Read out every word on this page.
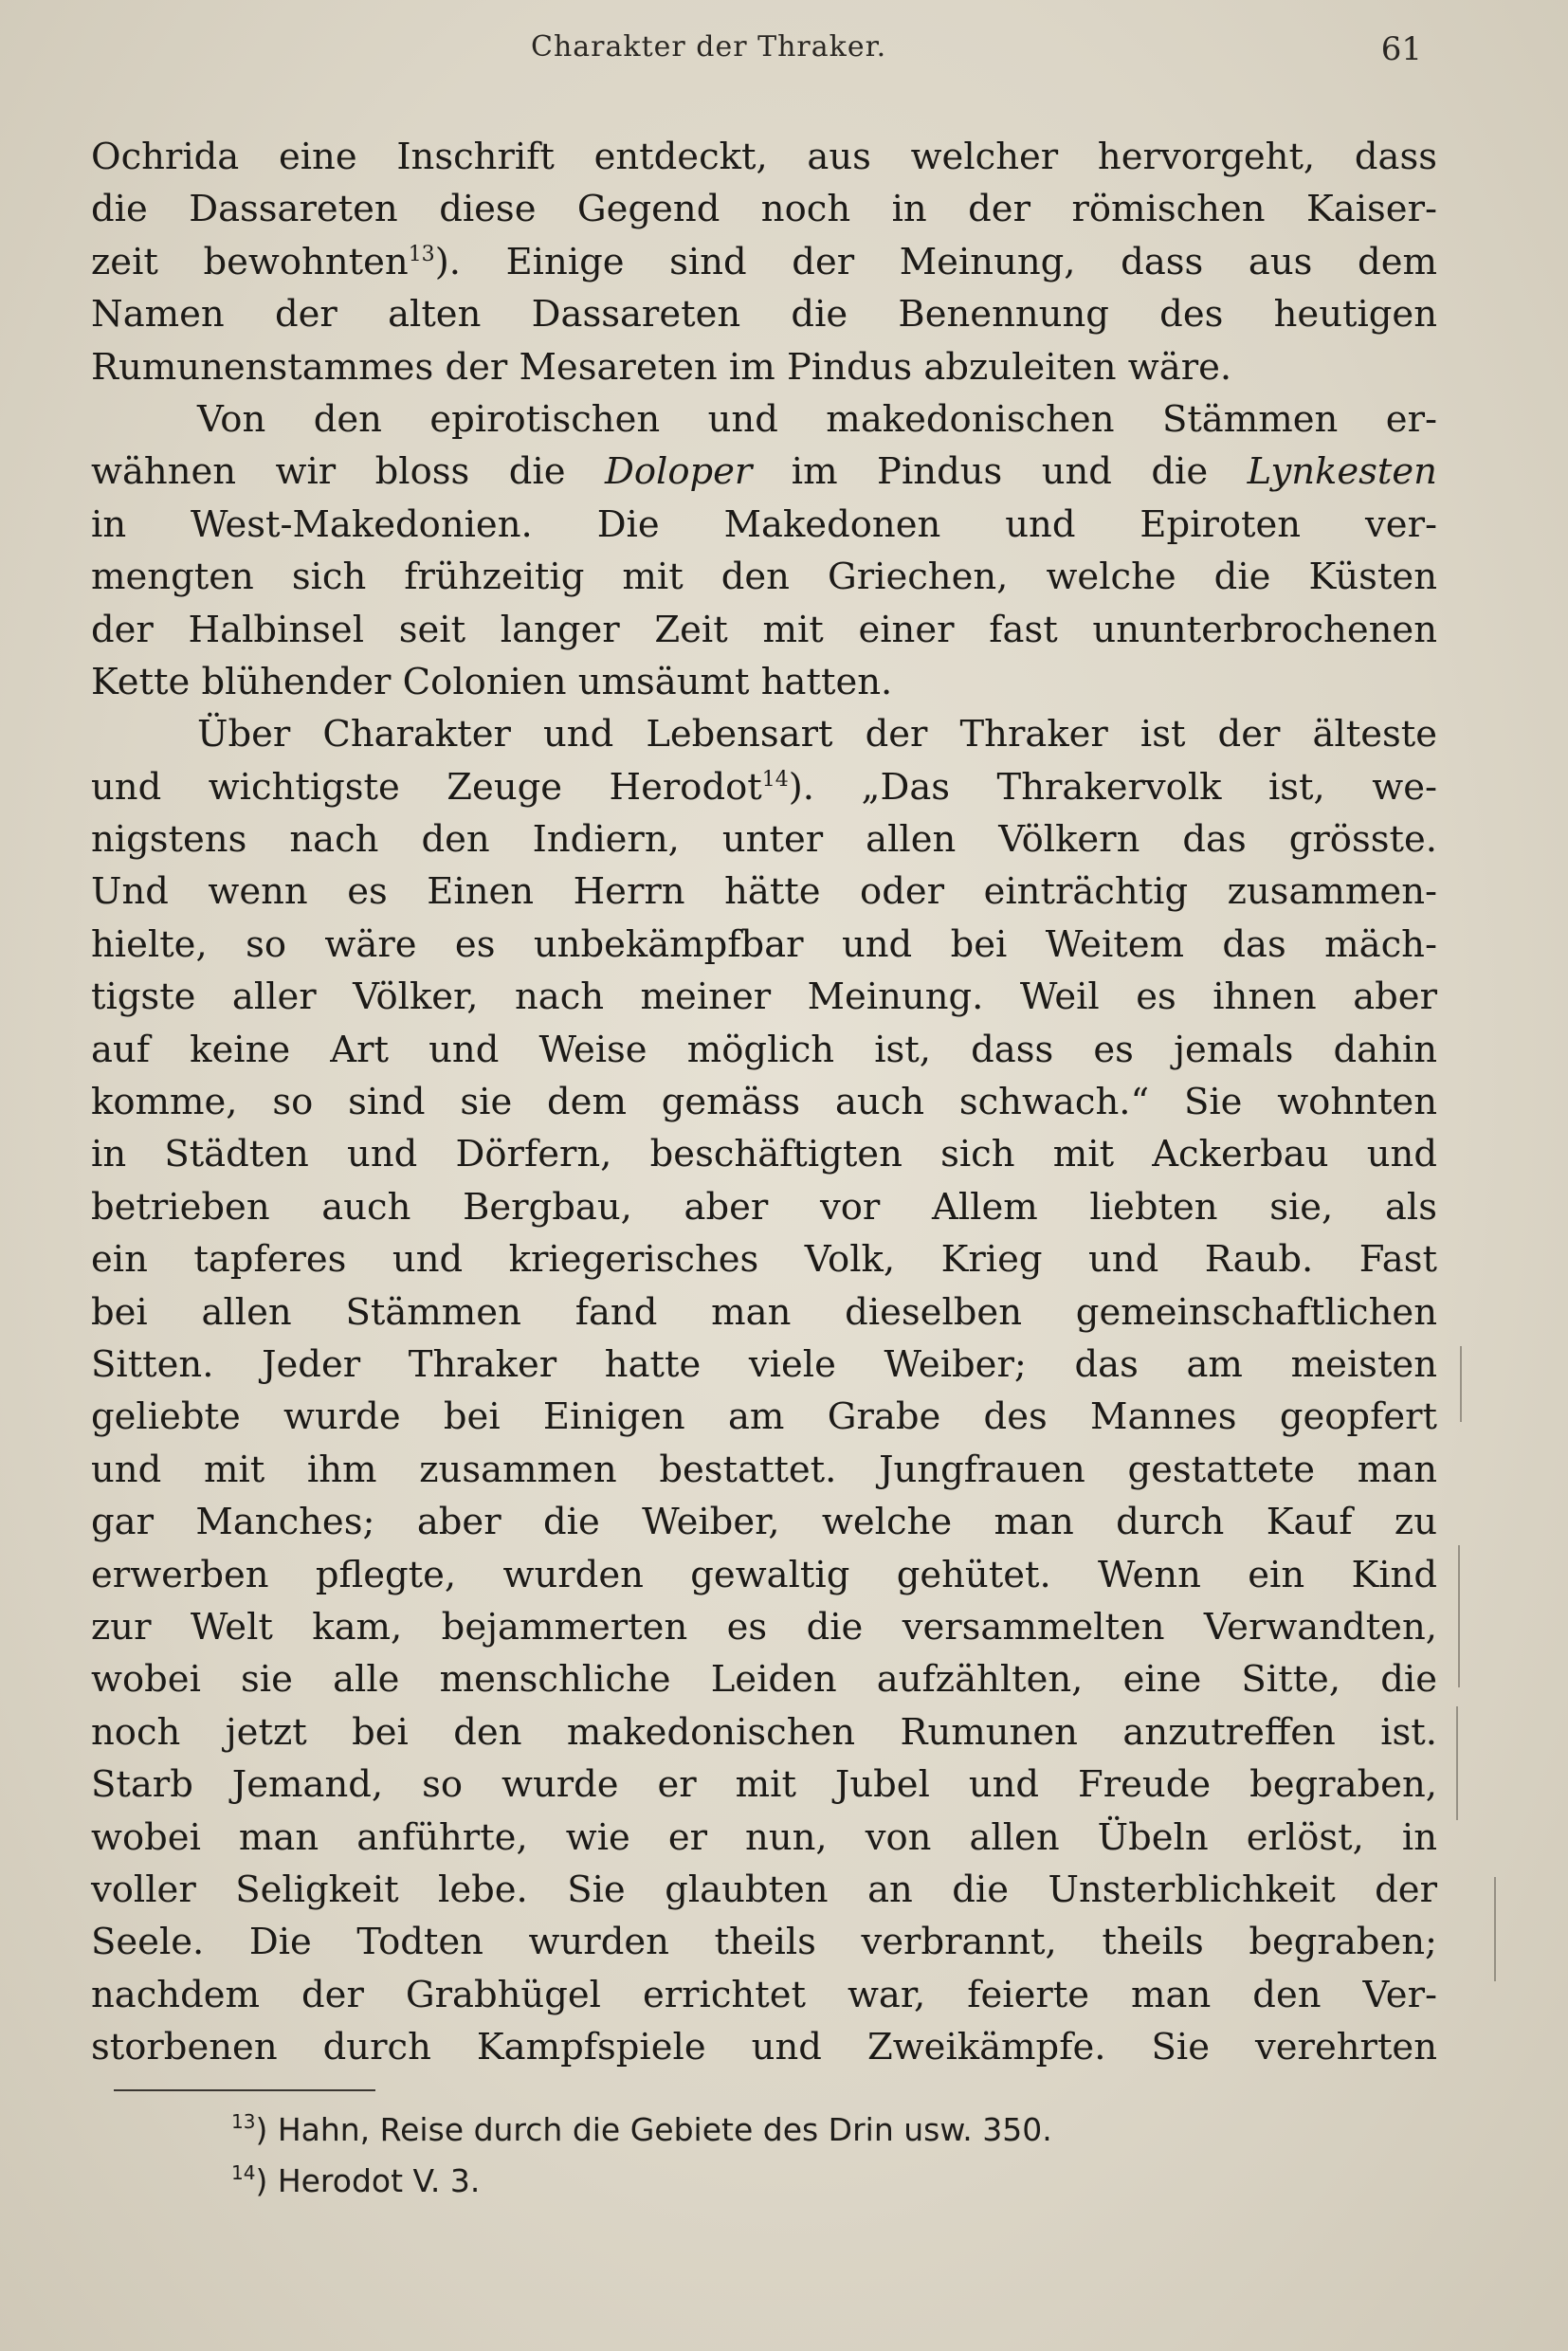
Charakter der Thraker.	61
Ochrida eine Inschrift entdeckt, aus welcher hervorgeht, dass
die Dassareten diese Gegend noch in der römischen Kaiser-
zeit bewohnten$^{13}$). Einige sind der Meinung, dass aus dem
Namen der alten Dassareten die Benennung des heutigen
Rumunenstammes der Mesareten im Pindus abzuleiten wäre.
Von den epirotischen und makedonischen Stämmen er-
wähnen wir bloss die Doloper im Pindus und die Lynkesten
in West-Makedonien. Die Makedonen und Epiroten ver-
mengten sich frühzeitig mit den Griechen, welche die Küsten
der Halbinsel seit langer Zeit mit einer fast ununterbrochenen
Kette blühender Colonien umsäumt hatten.
Über Charakter und Lebensart der Thraker ist der älteste
und wichtigste Zeuge Herodot$^{14}$). „Das Thrakervolk ist, we-
nigstens nach den Indiern, unter allen Völkern das grösste.
Und wenn es Einen Herrn hätte oder einträchtig zusammen-
hielte, so wäre es unbekämpfbar und bei Weitem das mäch-
tigste aller Völker, nach meiner Meinung. Weil es ihnen aber
auf keine Art und Weise möglich ist, dass es jemals dahin
komme, so sind sie dem gemäss auch schwach.“ Sie wohnten
in Städten und Dörfern, beschäftigten sich mit Ackerbau und
betrieben auch Bergbau, aber vor Allem liebten sie, als
ein tapferes und kriegerisches Volk, Krieg und Raub. Fast
bei allen Stämmen fand man dieselben gemeinschaftlichen
Sitten. Jeder Thraker hatte viele Weiber; das am meisten
geliebte wurde bei Einigen am Grabe des Mannes geopfert
und mit ihm zusammen bestattet. Jungfrauen gestattete man
gar Manches; aber die Weiber, welche man durch Kauf zu
erwerben pflegte, wurden gewaltig gehütet. Wenn ein Kind
zur Welt kam, bejammerten es die versammelten Verwandten,
wobei sie alle menschliche Leiden aufzählten, eine Sitte, die
noch jetzt bei den makedonischen Rumunen anzutreffen ist.
Starb Jemand, so wurde er mit Jubel und Freude begraben,
wobei man anführte, wie er nun, von allen Übeln erlöst, in
voller Seligkeit lebe. Sie glaubten an die Unsterblichkeit der
Seele. Die Todten wurden theils verbrannt, theils begraben;
nachdem der Grabhügel errichtet war, feierte man den Ver-
storbenen durch Kampfspiele und Zweikämpfe. Sie verehrten
$^{13}$) Hahn, Reise durch die Gebiete des Drin usw. 350.
$^{14}$) Herodot V. 3.
